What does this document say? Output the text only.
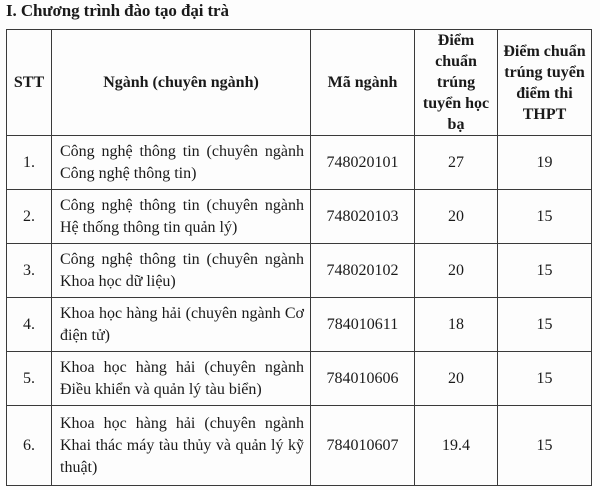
I. Chương trình đào tạo đại trà
STT	Ngành (chuyên ngành)	Mã ngành	Điểm chuẩn trúng tuyển học bạ	Điểm chuẩn trúng tuyển điểm thi THPT
1.	Công nghệ thông tin (chuyên ngành Công nghệ thông tin)	748020101	27	19
2.	Công nghệ thông tin (chuyên ngành Hệ thống thông tin quản lý)	748020103	20	15
3.	Công nghệ thông tin (chuyên ngành Khoa học dữ liệu)	748020102	20	15
4.	Khoa học hàng hải (chuyên ngành Cơ điện tử)	784010611	18	15
5.	Khoa học hàng hải (chuyên ngành Điều khiển và quản lý tàu biển)	784010606	20	15
6.	Khoa học hàng hải (chuyên ngành Khai thác máy tàu thủy và quản lý kỹ thuật)	784010607	19.4	15
